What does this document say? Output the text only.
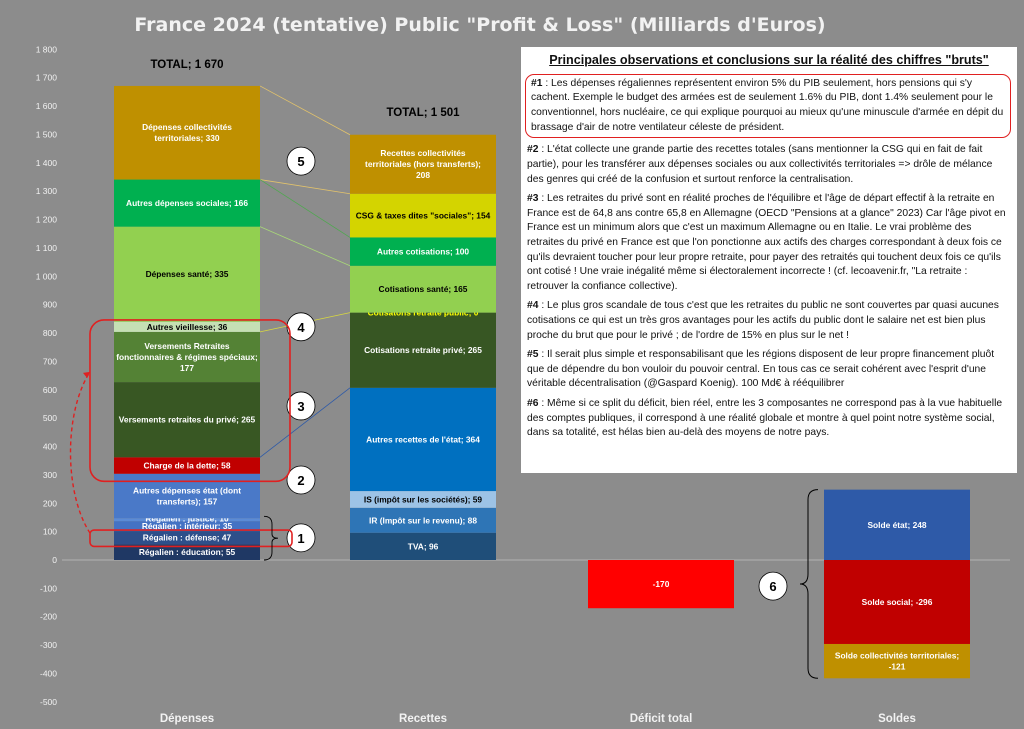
France 2024 (tentative) Public "Profit & Loss" (Milliards d'Euros)
-500
-400
-300
-200
-100
0
100
200
300
400
500
600
700
800
900
1 000
1 100
1 200
1 300
1 400
1 500
1 600
1 700
1 800
Régalien : éducation; 55
Régalien : défense; 47
Régalien : intérieur; 35
Autres dépenses état (dont transferts); 157
Charge de la dette; 58
Versements retraites du privé; 265
Versements Retraites fonctionnaires & régimes spéciaux; 177
Autres vieillesse; 36
Dépenses santé; 335
Autres dépenses sociales; 166
Dépenses collectivités territoriales; 330
TVA; 96
IR (Impôt sur le revenu); 88
IS (impôt sur les sociétés); 59
Autres recettes de l'état; 364
Cotisations retraite privé; 265
Cotisations santé; 165
Autres cotisations; 100
CSG & taxes dites "sociales"; 154
Recettes collectivités territoriales (hors transferts); 208
-170
Solde état; 248
Solde social; -296
Solde collectivités territoriales; -121
TOTAL; 1 670
TOTAL; 1 501
Dépenses	Recettes	Déficit total	Soldes
1
2
3
4
5
6
Principales observations et conclusions sur la réalité des chiffres "bruts"
#1 : Les dépenses régaliennes représentent environ 5% du PIB seulement, hors pensions qui s'y cachent. Exemple le budget des armées est de seulement 1.6% du PIB, dont 1.4% seulement pour le conventionnel, hors nucléaire, ce qui explique pourquoi au mieux qu'une minuscule d'armée en dépit du brassage d'air de notre ventilateur céleste de président.
#2 : L'état collecte une grande partie des recettes totales (sans mentionner la CSG qui en fait de fait partie), pour les transférer aux dépenses sociales ou aux collectivités territoriales => drôle de mélance des genres qui créé de la confusion et surtout renforce la centralisation.
#3 : Les retraites du privé sont en réalité proches de l'équilibre et l'âge de départ effectif à la retraite en France est de 64,8 ans contre 65,8 en Allemagne (OECD "Pensions at a glance" 2023) Car l'âge pivot en France est un minimum alors que c'est un maximum Allemagne ou en Italie. Le vrai problème des retraites du privé en France est que l'on ponctionne aux actifs des charges correspondant à deux fois ce qu'ils devraient toucher pour leur propre retraite, pour payer des retraités qui touchent deux fois ce qu'ils ont cotisé ! Une vraie inégalité même si électoralement incorrecte ! (cf. lecoavenir.fr, "La retraite : retrouver la confiance collective).
#4 : Le plus gros scandale de tous c'est que les retraites du public ne sont couvertes par quasi aucunes cotisations ce qui est un très gros avantages pour les actifs du public dont le salaire net est bien plus proche du brut que pour le privé ; de l'ordre de 15% en plus sur le net !
#5 : Il serait plus simple et responsabilisant que les régions disposent de leur propre financement pluôt que de dépendre du bon vouloir du pouvoir central. En tous cas ce serait cohérent avec l'esprit d'une véritable décentralisation (@Gaspard Koenig). 100 Md€ à rééquilibrer
#6 : Même si ce split du déficit, bien réel, entre les 3 composantes ne correspond pas à la vue habituelle des comptes publiques, il correspond à une réalité globale et montre à quel point notre système social, dans sa totalité, est hélas bien au-delà des moyens de notre pays.
